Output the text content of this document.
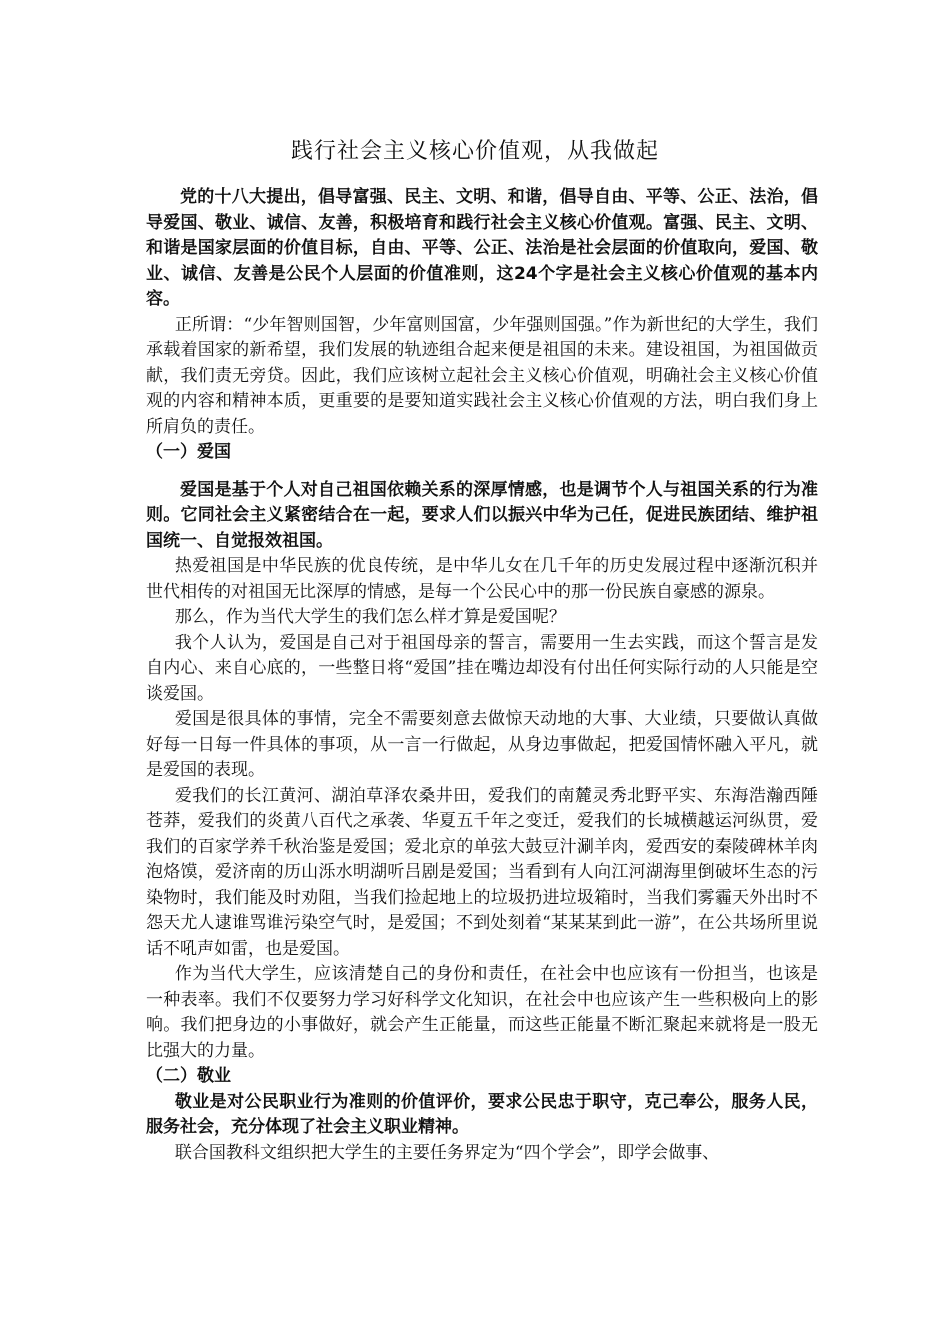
践行社会主义核心价值观，从我做起

党的十八大提出，倡导富强、民主、文明、和谐，倡导自由、平等、公正、法治，倡导爱国、敬业、诚信、友善，积极培育和践行社会主义核心价值观。富强、民主、文明、和谐是国家层面的价值目标，自由、平等、公正、法治是社会层面的价值取向，爱国、敬业、诚信、友善是公民个人层面的价值准则，这24个字是社会主义核心价值观的基本内容。

正所谓：“少年智则国智，少年富则国富，少年强则国强。”作为新世纪的大学生，我们承载着国家的新希望，我们发展的轨迹组合起来便是祖国的未来。建设祖国，为祖国做贡献，我们责无旁贷。因此，我们应该树立起社会主义核心价值观，明确社会主义核心价值观的内容和精神本质，更重要的是要知道实践社会主义核心价值观的方法，明白我们身上所肩负的责任。

（一）爱国

爱国是基于个人对自己祖国依赖关系的深厚情感，也是调节个人与祖国关系的行为准则。它同社会主义紧密结合在一起，要求人们以振兴中华为己任，促进民族团结、维护祖国统一、自觉报效祖国。

热爱祖国是中华民族的优良传统，是中华儿女在几千年的历史发展过程中逐渐沉积并世代相传的对祖国无比深厚的情感，是每一个公民心中的那一份民族自豪感的源泉。

那么，作为当代大学生的我们怎么样才算是爱国呢？

我个人认为，爱国是自己对于祖国母亲的誓言，需要用一生去实践，而这个誓言是发自内心、来自心底的，一些整日将“爱国”挂在嘴边却没有付出任何实际行动的人只能是空谈爱国。

爱国是很具体的事情，完全不需要刻意去做惊天动地的大事、大业绩，只要做认真做好每一日每一件具体的事项，从一言一行做起，从身边事做起，把爱国情怀融入平凡，就是爱国的表现。

爱我们的长江黄河、湖泊草泽农桑井田，爱我们的南麓灵秀北野平实、东海浩瀚西陲苍莽，爱我们的炎黄八百代之承袭、华夏五千年之变迁，爱我们的长城横越运河纵贯，爱我们的百家学养千秋治鉴是爱国；爱北京的单弦大鼓豆汁涮羊肉，爱西安的秦陵碑林羊肉泡烙馍，爱济南的历山泺水明湖听吕剧是爱国；当看到有人向江河湖海里倒破坏生态的污染物时，我们能及时劝阻，当我们捡起地上的垃圾扔进垃圾箱时，当我们雾霾天外出时不怨天尤人逮谁骂谁污染空气时，是爱国；不到处刻着“某某某到此一游”，在公共场所里说话不吼声如雷，也是爱国。

作为当代大学生，应该清楚自己的身份和责任，在社会中也应该有一份担当，也该是一种表率。我们不仅要努力学习好科学文化知识，在社会中也应该产生一些积极向上的影响。我们把身边的小事做好，就会产生正能量，而这些正能量不断汇聚起来就将是一股无比强大的力量。

（二）敬业

敬业是对公民职业行为准则的价值评价，要求公民忠于职守，克己奉公，服务人民，服务社会，充分体现了社会主义职业精神。

联合国教科文组织把大学生的主要任务界定为“四个学会”，即学会做事、
